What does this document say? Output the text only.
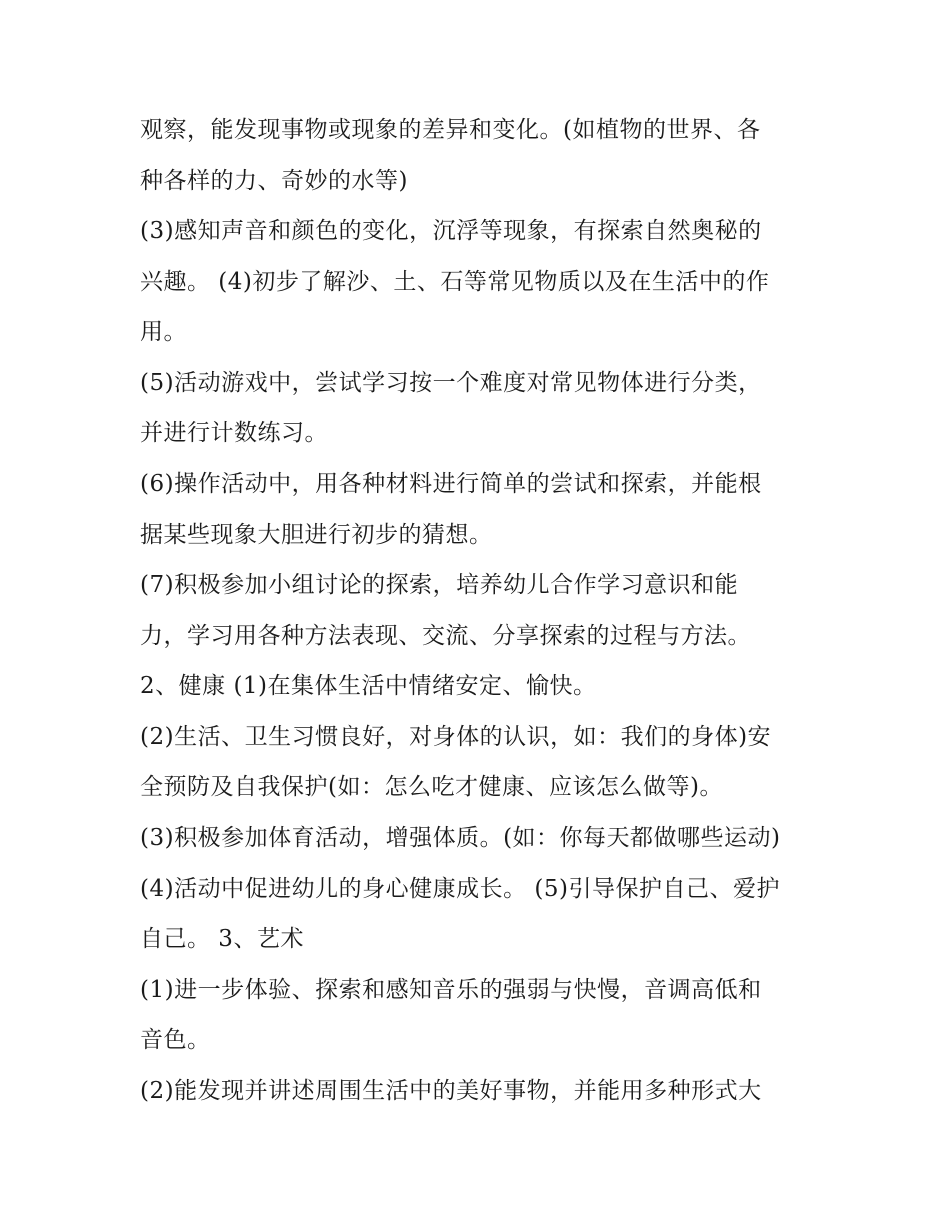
观察，能发现事物或现象的差异和变化。(如植物的世界、各

种各样的力、奇妙的水等)

(3)感知声音和颜色的变化，沉浮等现象，有探索自然奥秘的

兴趣。 (4)初步了解沙、土、石等常见物质以及在生活中的作

用。

(5)活动游戏中，尝试学习按一个难度对常见物体进行分类，

并进行计数练习。

(6)操作活动中，用各种材料进行简单的尝试和探索，并能根

据某些现象大胆进行初步的猜想。

(7)积极参加小组讨论的探索，培养幼儿合作学习意识和能

力，学习用各种方法表现、交流、分享探索的过程与方法。

2、健康 (1)在集体生活中情绪安定、愉快。

(2)生活、卫生习惯良好，对身体的认识，如：我们的身体)安

全预防及自我保护(如：怎么吃才健康、应该怎么做等)。

(3)积极参加体育活动，增强体质。(如：你每天都做哪些运动)

(4)活动中促进幼儿的身心健康成长。 (5)引导保护自己、爱护

自己。 3、艺术

(1)进一步体验、探索和感知音乐的强弱与快慢，音调高低和

音色。

(2)能发现并讲述周围生活中的美好事物，并能用多种形式大
